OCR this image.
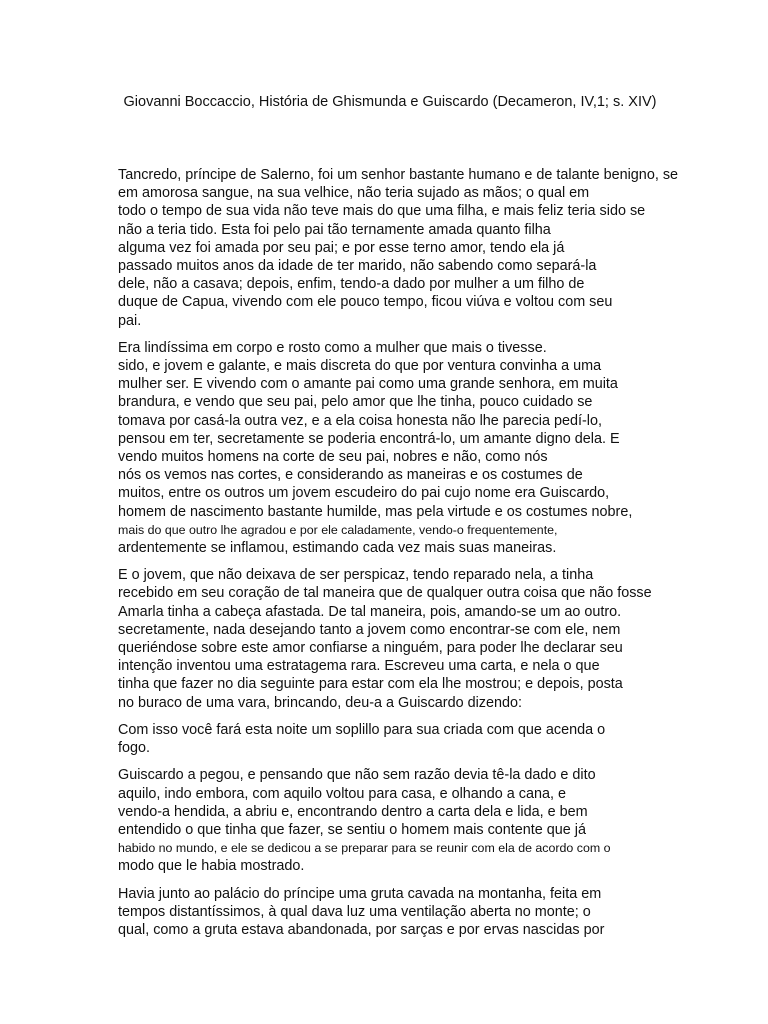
Giovanni Boccaccio, História de Ghismunda e Guiscardo (Decameron, IV,1; s. XIV)
Tancredo, príncipe de Salerno, foi um senhor bastante humano e de talante benigno, se
em amorosa sangue, na sua velhice, não teria sujado as mãos; o qual em
todo o tempo de sua vida não teve mais do que uma filha, e mais feliz teria sido se
não a teria tido. Esta foi pelo pai tão ternamente amada quanto filha
alguma vez foi amada por seu pai; e por esse terno amor, tendo ela já
passado muitos anos da idade de ter marido, não sabendo como separá-la
dele, não a casava; depois, enfim, tendo-a dado por mulher a um filho de
duque de Capua, vivendo com ele pouco tempo, ficou viúva e voltou com seu
pai.
Era lindíssima em corpo e rosto como a mulher que mais o tivesse.
sido, e jovem e galante, e mais discreta do que por ventura convinha a uma
mulher ser. E vivendo com o amante pai como uma grande senhora, em muita
brandura, e vendo que seu pai, pelo amor que lhe tinha, pouco cuidado se
tomava por casá-la outra vez, e a ela coisa honesta não lhe parecia pedí-lo,
pensou em ter, secretamente se poderia encontrá-lo, um amante digno dela. E
vendo muitos homens na corte de seu pai, nobres e não, como nós
nós os vemos nas cortes, e considerando as maneiras e os costumes de
muitos, entre os outros um jovem escudeiro do pai cujo nome era Guiscardo,
homem de nascimento bastante humilde, mas pela virtude e os costumes nobre,
mais do que outro lhe agradou e por ele caladamente, vendo-o frequentemente,
ardentemente se inflamou, estimando cada vez mais suas maneiras.
E o jovem, que não deixava de ser perspicaz, tendo reparado nela, a tinha
recebido em seu coração de tal maneira que de qualquer outra coisa que não fosse
Amarla tinha a cabeça afastada. De tal maneira, pois, amando-se um ao outro.
secretamente, nada desejando tanto a jovem como encontrar-se com ele, nem
queriéndose sobre este amor confiarse a ninguém, para poder lhe declarar seu
intenção inventou uma estratagema rara. Escreveu uma carta, e nela o que
tinha que fazer no dia seguinte para estar com ela lhe mostrou; e depois, posta
no buraco de uma vara, brincando, deu-a a Guiscardo dizendo:
Com isso você fará esta noite um soplillo para sua criada com que acenda o
fogo.
Guiscardo a pegou, e pensando que não sem razão devia tê-la dado e dito
aquilo, indo embora, com aquilo voltou para casa, e olhando a cana, e
vendo-a hendida, a abriu e, encontrando dentro a carta dela e lida, e bem
entendido o que tinha que fazer, se sentiu o homem mais contente que já
habido no mundo, e ele se dedicou a se preparar para se reunir com ela de acordo com o
modo que le habia mostrado.
Havia junto ao palácio do príncipe uma gruta cavada na montanha, feita em
tempos distantíssimos, à qual dava luz uma ventilação aberta no monte; o
qual, como a gruta estava abandonada, por sarças e por ervas nascidas por
